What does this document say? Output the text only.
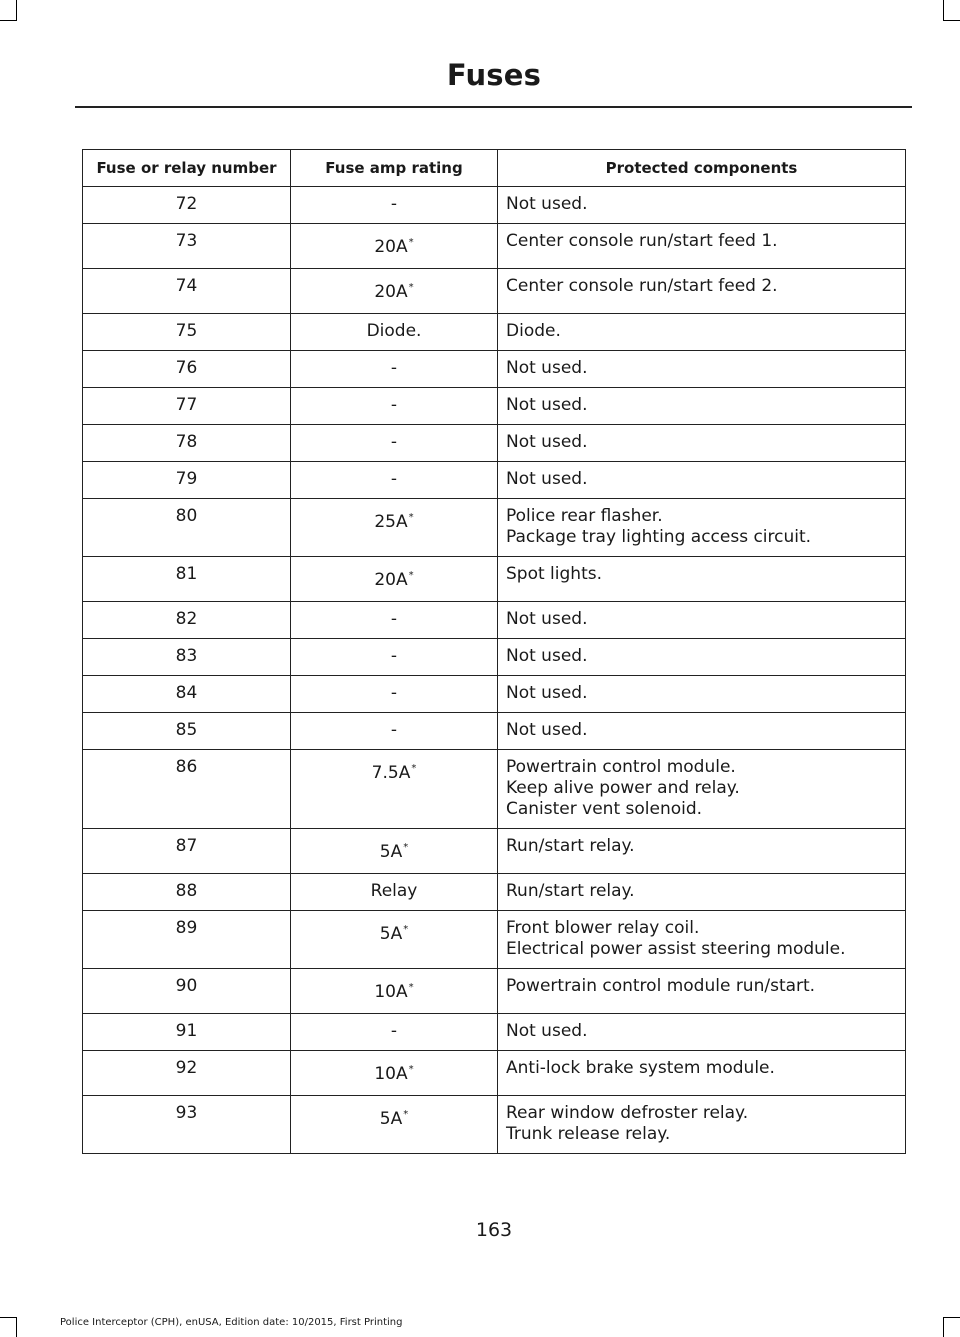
Fuses
Fuse or relay number	Fuse amp rating	Protected components
72	-	Not used.

73	20A*	Center console run/start feed 1.

74	20A*	Center console run/start feed 2.

75	Diode.	Diode.

76	-	Not used.

77	-	Not used.

78	-	Not used.

79	-	Not used.

80	25A*	Police rear flasher.
Package tray lighting access circuit.

81	20A*	Spot lights.

82	-	Not used.

83	-	Not used.

84	-	Not used.

85	-	Not used.

86	7.5A*	Powertrain control module.
Keep alive power and relay.
Canister vent solenoid.

87	5A*	Run/start relay.

88	Relay	Run/start relay.

89	5A*	Front blower relay coil.
Electrical power assist steering module.

90	10A*	Powertrain control module run/start.

91	-	Not used.

92	10A*	Anti-lock brake system module.

93	5A*	Rear window defroster relay.
Trunk release relay.
163
Police Interceptor (CPH), enUSA, Edition date: 10/2015, First Printing
